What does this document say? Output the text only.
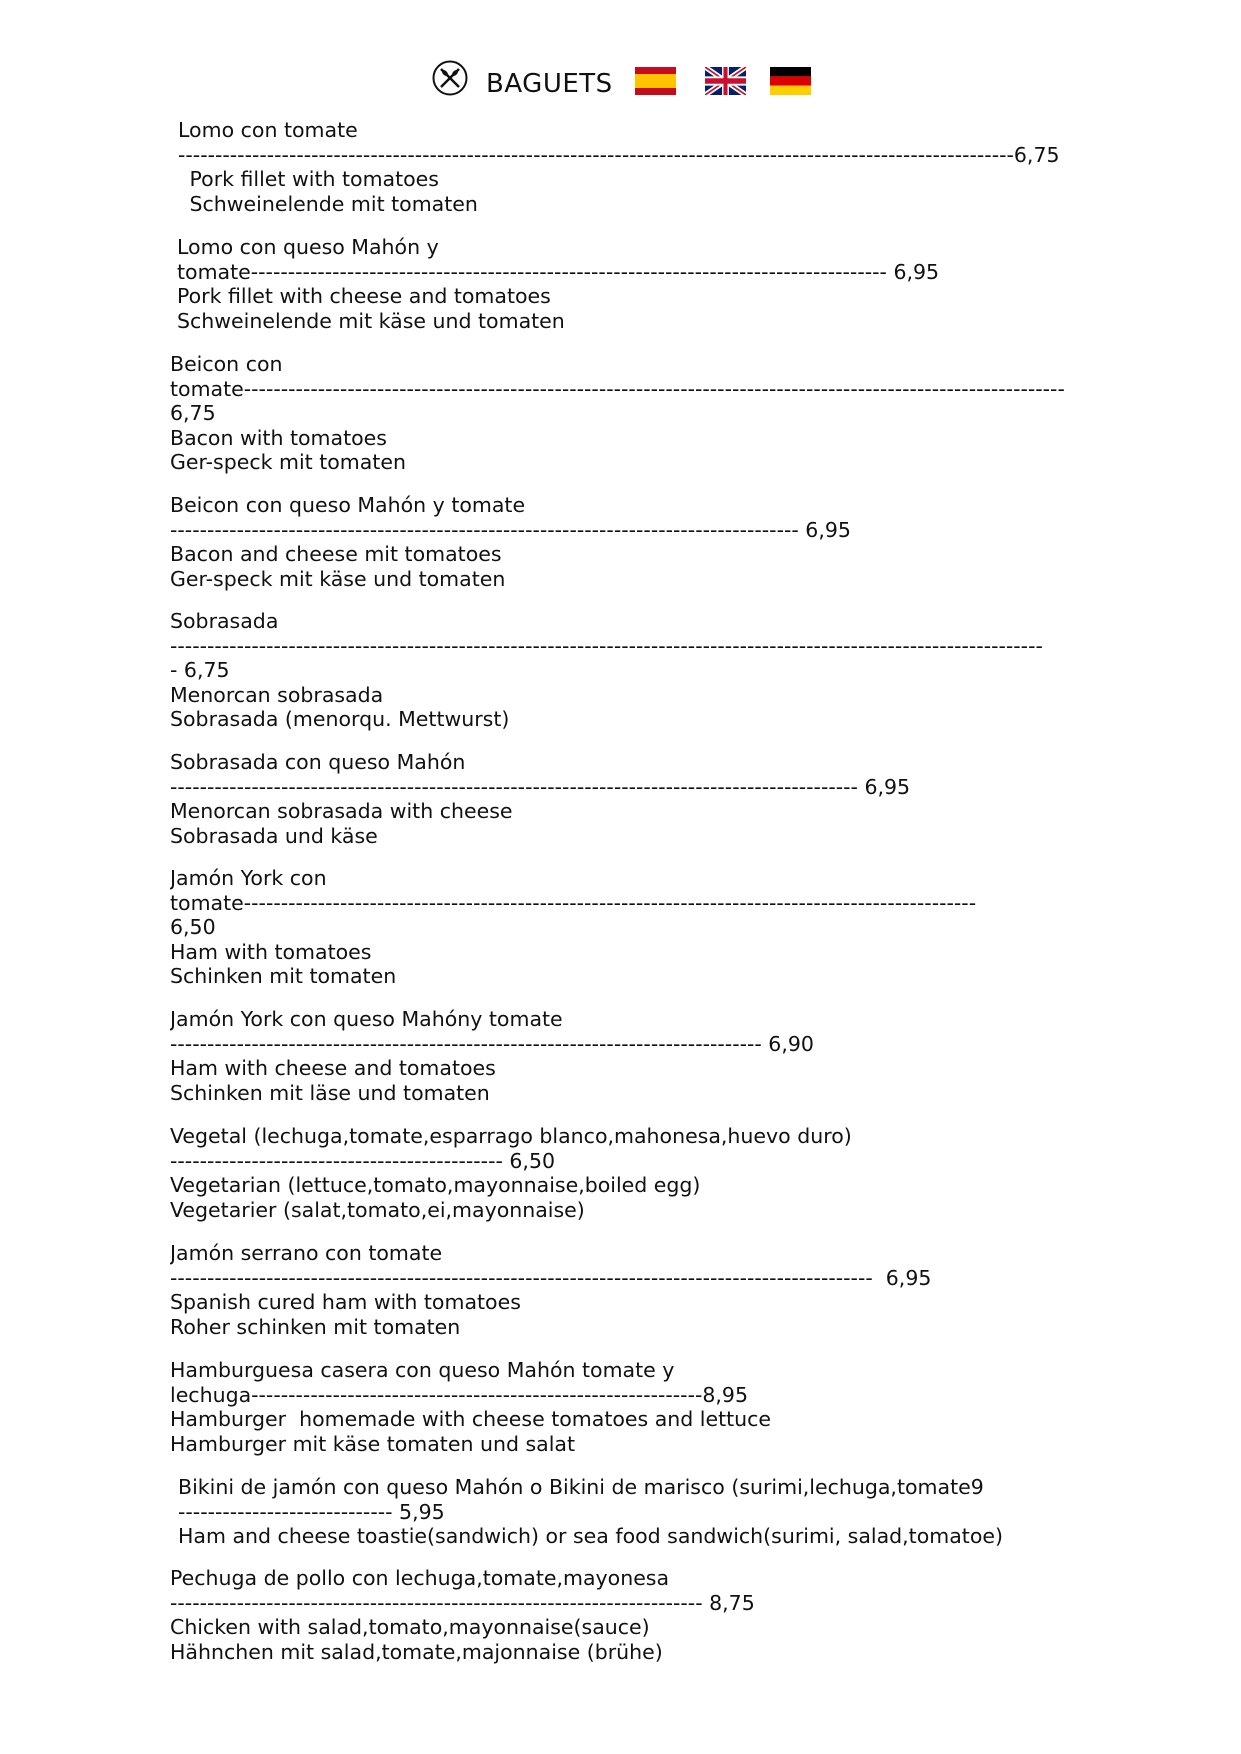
BAGUETS
Lomo con tomate
-----------------------------------------------------------------------------------------------------------------6,75
Pork fillet with tomatoes
Schweinelende mit tomaten
Lomo con queso Mahón y
tomate-------------------------------------------------------------------------------------- 6,95
Pork fillet with cheese and tomatoes
Schweinelende mit käse und tomaten
Beicon con
tomate---------------------------------------------------------------------------------------------------------------
6,75
Bacon with tomatoes
Ger-speck mit tomaten
Beicon con queso Mahón y tomate
------------------------------------------------------------------------------------- 6,95
Bacon and cheese mit tomatoes
Ger-speck mit käse und tomaten
Sobrasada
----------------------------------------------------------------------------------------------------------------------
- 6,75
Menorcan sobrasada
Sobrasada (menorqu. Mettwurst)
Sobrasada con queso Mahón
--------------------------------------------------------------------------------------------- 6,95
Menorcan sobrasada with cheese
Sobrasada und käse
Jamón York con
tomate---------------------------------------------------------------------------------------------------
6,50
Ham with tomatoes
Schinken mit tomaten
Jamón York con queso Mahóny tomate
-------------------------------------------------------------------------------- 6,90
Ham with cheese and tomatoes
Schinken mit läse und tomaten
Vegetal (lechuga,tomate,esparrago blanco,mahonesa,huevo duro)
--------------------------------------------- 6,50
Vegetarian (lettuce,tomato,mayonnaise,boiled egg)
Vegetarier (salat,tomato,ei,mayonnaise)
Jamón serrano con tomate
-----------------------------------------------------------------------------------------------  6,95
Spanish cured ham with tomatoes
Roher schinken mit tomaten
Hamburguesa casera con queso Mahón tomate y
lechuga-------------------------------------------------------------8,95
Hamburger  homemade with cheese tomatoes and lettuce
Hamburger mit käse tomaten und salat
Bikini de jamón con queso Mahón o Bikini de marisco (surimi,lechuga,tomate9
----------------------------- 5,95
Ham and cheese toastie(sandwich) or sea food sandwich(surimi, salad,tomatoe)
Pechuga de pollo con lechuga,tomate,mayonesa
------------------------------------------------------------------------ 8,75
Chicken with salad,tomato,mayonnaise(sauce)
Hähnchen mit salad,tomate,majonnaise (brühe)
